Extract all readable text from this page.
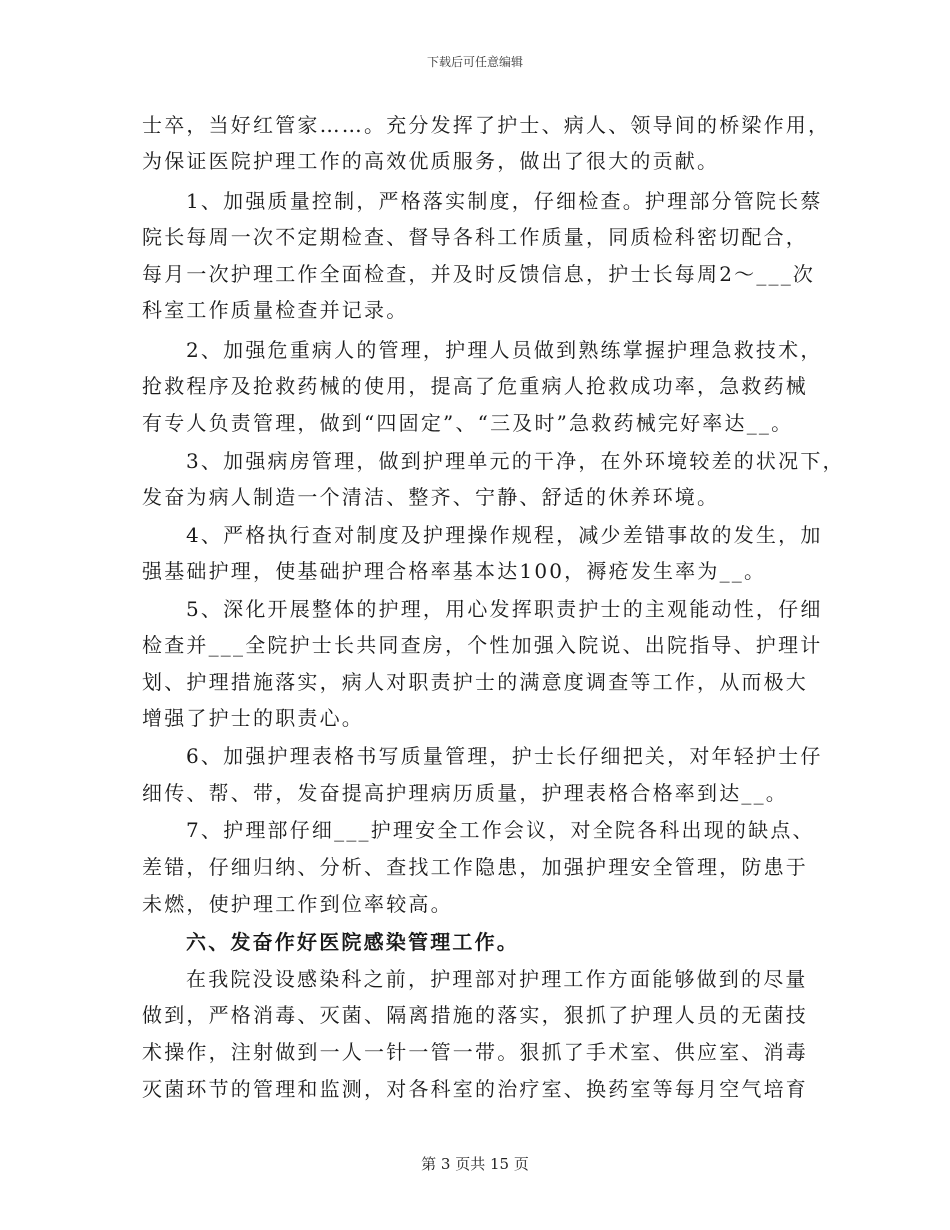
下载后可任意编辑
士卒，当好红管家……。充分发挥了护士、病人、领导间的桥梁作用，
为保证医院护理工作的高效优质服务，做出了很大的贡献。
1、加强质量控制，严格落实制度，仔细检查。护理部分管院长蔡
院长每周一次不定期检查、督导各科工作质量，同质检科密切配合，
每月一次护理工作全面检查，并及时反馈信息，护士长每周2～___次
科室工作质量检查并记录。
2、加强危重病人的管理，护理人员做到熟练掌握护理急救技术，
抢救程序及抢救药械的使用，提高了危重病人抢救成功率，急救药械
有专人负责管理，做到“四固定”、“三及时”急救药械完好率达__。
3、加强病房管理，做到护理单元的干净，在外环境较差的状况下，
发奋为病人制造一个清洁、整齐、宁静、舒适的休养环境。
4、严格执行查对制度及护理操作规程，减少差错事故的发生，加
强基础护理，使基础护理合格率基本达100，褥疮发生率为__。
5、深化开展整体的护理，用心发挥职责护士的主观能动性，仔细
检查并___全院护士长共同查房，个性加强入院说、出院指导、护理计
划、护理措施落实，病人对职责护士的满意度调查等工作，从而极大
增强了护士的职责心。
6、加强护理表格书写质量管理，护士长仔细把关，对年轻护士仔
细传、帮、带，发奋提高护理病历质量，护理表格合格率到达__。
7、护理部仔细___护理安全工作会议，对全院各科出现的缺点、
差错，仔细归纳、分析、查找工作隐患，加强护理安全管理，防患于
未燃，使护理工作到位率较高。
六、发奋作好医院感染管理工作。
在我院没设感染科之前，护理部对护理工作方面能够做到的尽量
做到，严格消毒、灭菌、隔离措施的落实，狠抓了护理人员的无菌技
术操作，注射做到一人一针一管一带。狠抓了手术室、供应室、消毒
灭菌环节的管理和监测，对各科室的治疗室、换药室等每月空气培育
第 3 页共 15 页
